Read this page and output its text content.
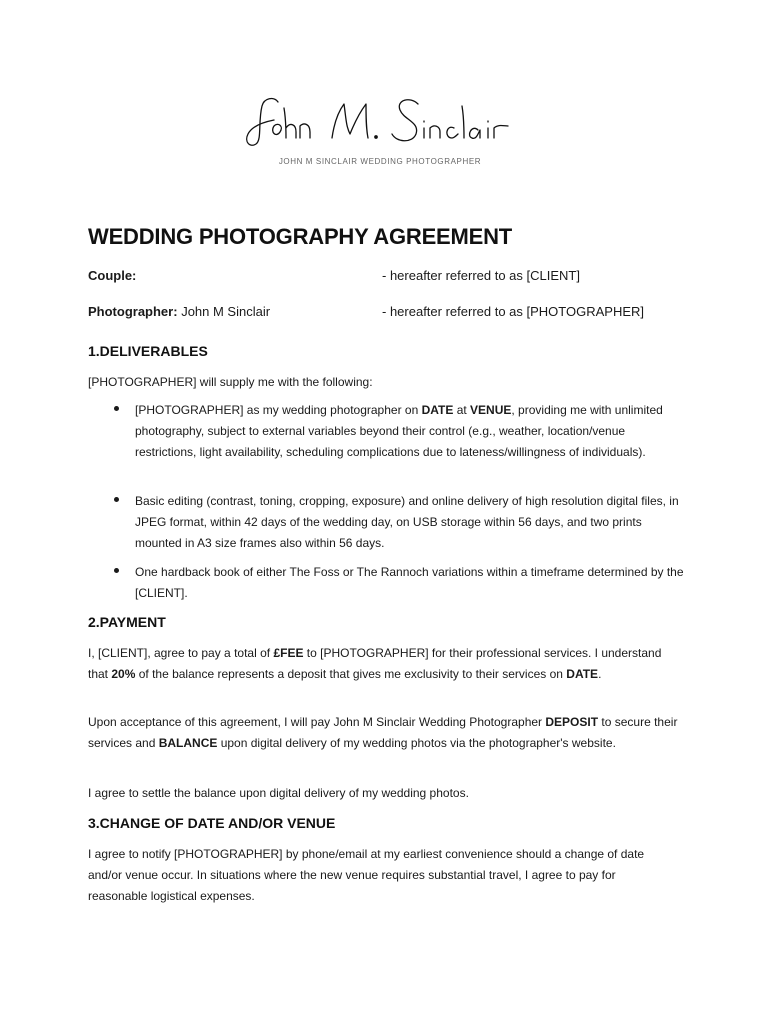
JOHN M SINCLAIR WEDDING PHOTOGRAPHER
WEDDING PHOTOGRAPHY AGREEMENT
Couple:	- hereafter referred to as [CLIENT]
Photographer: John M Sinclair	- hereafter referred to as [PHOTOGRAPHER]
1.DELIVERABLES

[PHOTOGRAPHER] will supply me with the following:

[PHOTOGRAPHER] as my wedding photographer on DATE at VENUE, providing me with unlimited photography, subject to external variables beyond their control (e.g., weather, location/venue restrictions, light availability, scheduling complications due to lateness/willingness of individuals).

Basic editing (contrast, toning, cropping, exposure) and online delivery of high resolution digital files, in JPEG format, within 42 days of the wedding day, on USB storage within 56 days, and two prints mounted in A3 size frames also within 56 days.

One hardback book of either The Foss or The Rannoch variations within a timeframe determined by the [CLIENT].

2.PAYMENT

I, [CLIENT], agree to pay a total of £FEE to [PHOTOGRAPHER] for their professional services. I understand that 20% of the balance represents a deposit that gives me exclusivity to their services on DATE.

Upon acceptance of this agreement, I will pay John M Sinclair Wedding Photographer DEPOSIT to secure their services and BALANCE upon digital delivery of my wedding photos via the photographer's website.

I agree to settle the balance upon digital delivery of my wedding photos.

3.CHANGE OF DATE AND/OR VENUE

I agree to notify [PHOTOGRAPHER] by phone/email at my earliest convenience should a change of date and/or venue occur. In situations where the new venue requires substantial travel, I agree to pay for reasonable logistical expenses.
